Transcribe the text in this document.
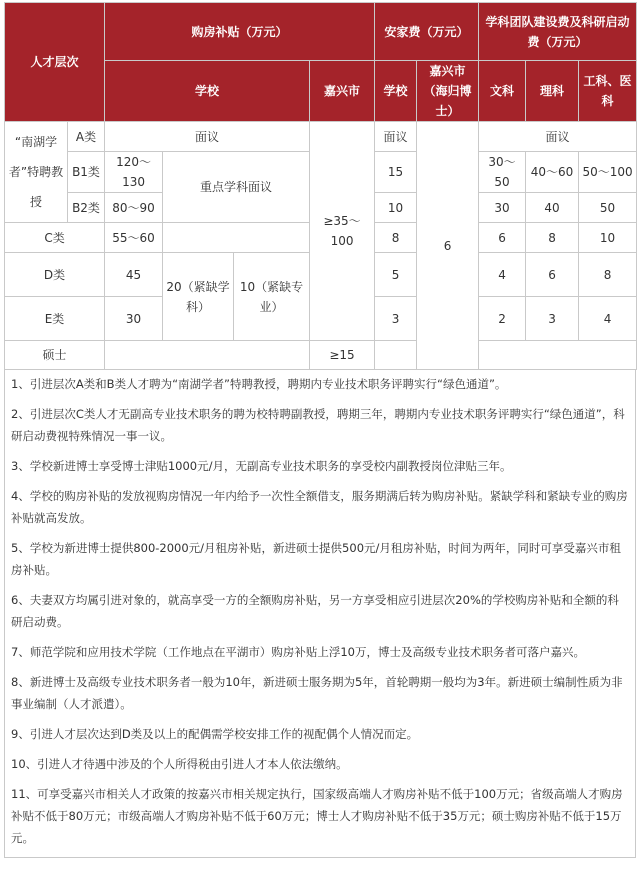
人才层次		购房补贴（万元）				安家费（万元）		学科团队建设费及科研启动费（万元）		
		学校			嘉兴市	学校	嘉兴市（海归博士）	文科	理科	工科、医科
“南湖学者”特聘教授	A类	面议			≥35～100	面议	6	面议		
	B1类	120～130	重点学科面议			15		30～50	40～60	50～100
	B2类	80～90				10		30	40	50
C类		55～60				8		6	8	10
D类		45	20（紧缺学科）	10（紧缺专业）		5		4	6	8
E类		30				3		2	3	4
硕士					≥15					

1、引进层次A类和B类人才聘为“南湖学者”特聘教授，聘期内专业技术职务评聘实行“绿色通道”。

2、引进层次C类人才无副高专业技术职务的聘为校特聘副教授，聘期三年，聘期内专业技术职务评聘实行“绿色通道”，科研启动费视特殊情况一事一议。

3、学校新进博士享受博士津贴1000元/月，无副高专业技术职务的享受校内副教授岗位津贴三年。

4、学校的购房补贴的发放视购房情况一年内给予一次性全额借支，服务期满后转为购房补贴。紧缺学科和紧缺专业的购房补贴就高发放。

5、学校为新进博士提供800-2000元/月租房补贴，新进硕士提供500元/月租房补贴，时间为两年，同时可享受嘉兴市租房补贴。

6、夫妻双方均属引进对象的，就高享受一方的全额购房补贴，另一方享受相应引进层次20%的学校购房补贴和全额的科研启动费。

7、师范学院和应用技术学院（工作地点在平湖市）购房补贴上浮10万，博士及高级专业技术职务者可落户嘉兴。

8、新进博士及高级专业技术职务者一般为10年，新进硕士服务期为5年，首轮聘期一般均为3年。新进硕士编制性质为非事业编制（人才派遣）。

9、引进人才层次达到D类及以上的配偶需学校安排工作的视配偶个人情况而定。

10、引进人才待遇中涉及的个人所得税由引进人才本人依法缴纳。

11、可享受嘉兴市相关人才政策的按嘉兴市相关规定执行，国家级高端人才购房补贴不低于100万元；省级高端人才购房补贴不低于80万元；市级高端人才购房补贴不低于60万元；博士人才购房补贴不低于35万元；硕士购房补贴不低于15万元。
